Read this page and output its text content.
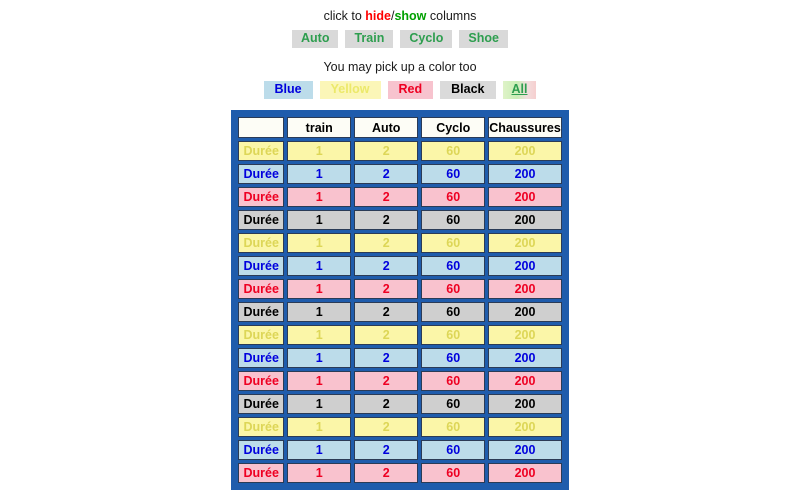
click to hide/show columns

Auto	Train	Cyclo	Shoe

You may pick up a color too

Blue	Yellow	Red	Black	All
	train	Auto	Cyclo	Chaussures
Durée	1	2	60	200
Durée	1	2	60	200
Durée	1	2	60	200
Durée	1	2	60	200
Durée	1	2	60	200
Durée	1	2	60	200
Durée	1	2	60	200
Durée	1	2	60	200
Durée	1	2	60	200
Durée	1	2	60	200
Durée	1	2	60	200
Durée	1	2	60	200
Durée	1	2	60	200
Durée	1	2	60	200
Durée	1	2	60	200
